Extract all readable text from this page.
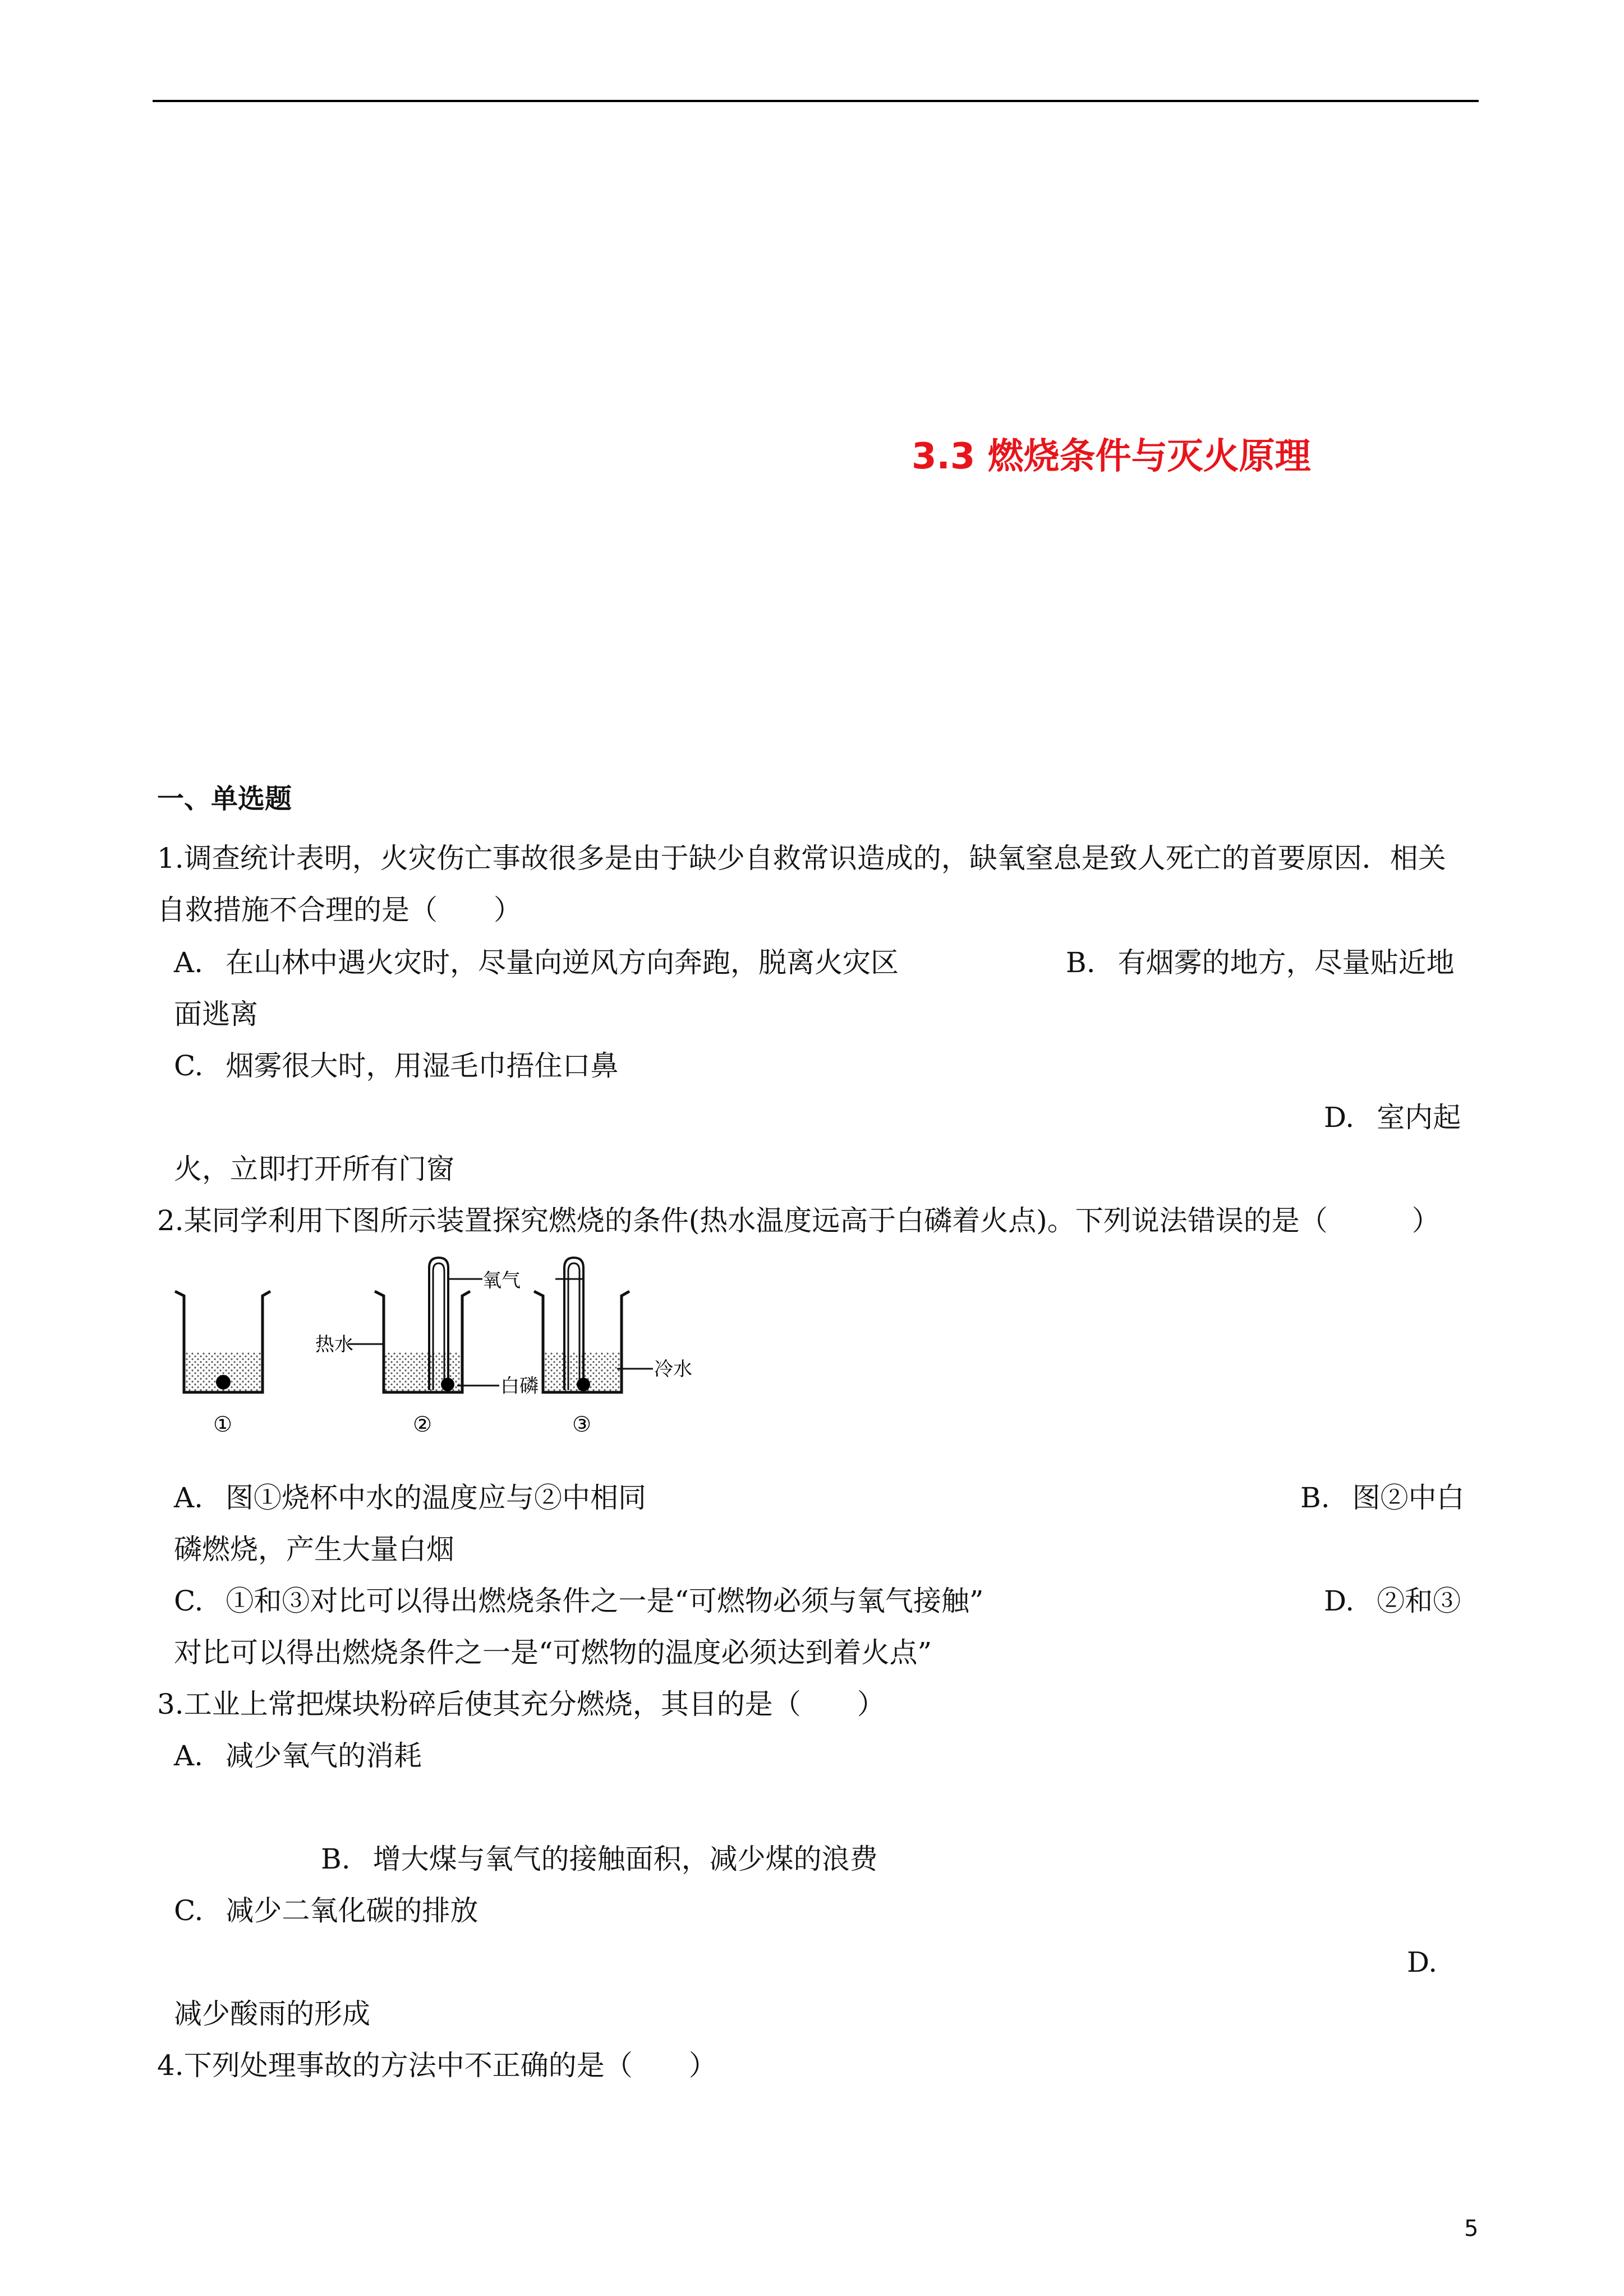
3.3 燃烧条件与灭火原理
一、单选题
1.调查统计表明，火灾伤亡事故很多是由于缺少自救常识造成的，缺氧窒息是致人死亡的首要原因．相关
自救措施不合理的是（　　）
A. 在山林中遇火灾时，尽量向逆风方向奔跑，脱离火灾区	B. 有烟雾的地方，尽量贴近地
面逃离
C. 烟雾很大时，用湿毛巾捂住口鼻
D. 室内起
火，立即打开所有门窗
2.某同学利用下图所示装置探究燃烧的条件(热水温度远高于白磷着火点)。下列说法错误的是（　　　）
氧气
热水
白磷
冷水
①	②	③
A. 图①烧杯中水的温度应与②中相同	B. 图②中白
磷燃烧，产生大量白烟
C. ①和③对比可以得出燃烧条件之一是“可燃物必须与氧气接触”	D. ②和③
对比可以得出燃烧条件之一是“可燃物的温度必须达到着火点”
3.工业上常把煤块粉碎后使其充分燃烧，其目的是（　　）
A. 减少氧气的消耗
B. 增大煤与氧气的接触面积，减少煤的浪费
C. 减少二氧化碳的排放
D.
减少酸雨的形成
4.下列处理事故的方法中不正确的是（　　）
5
